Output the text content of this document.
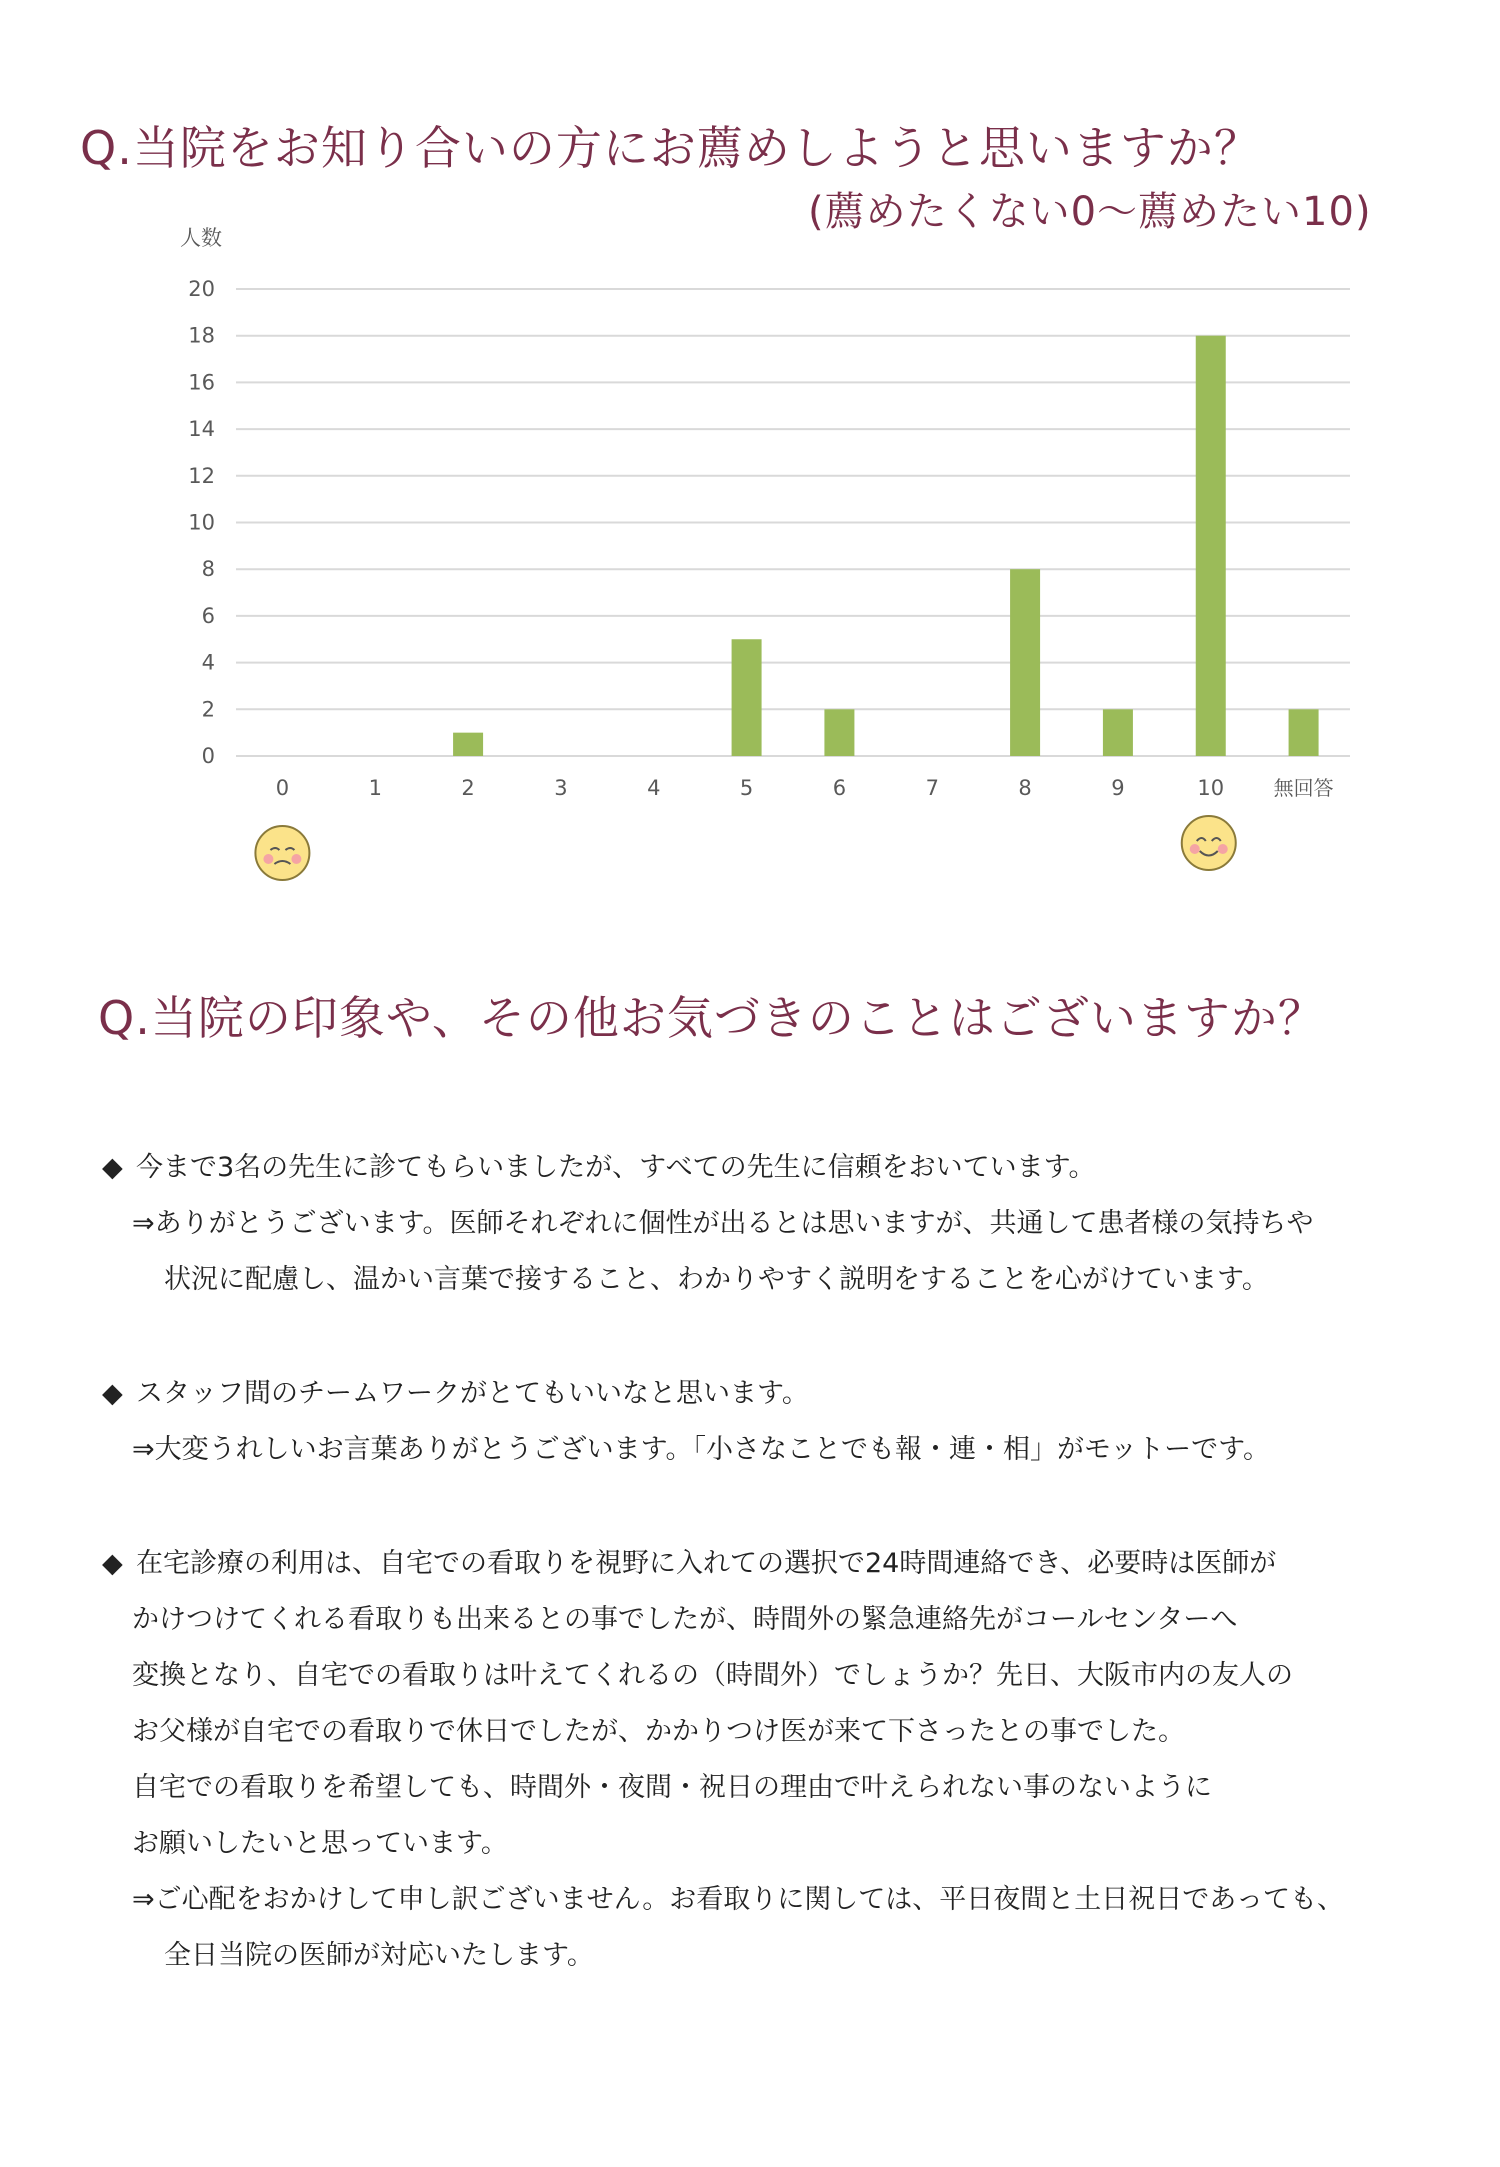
Q.当院をお知り合いの方にお薦めしようと思いますか？
(薦めたくない0～薦めたい10)
0
2
4
6
8
10
12
14
16
18
20
0	1	2	3	4	5	6	7	8	9	10 無回答
人数
Q.当院の印象や、その他お気づきのことはございますか？
◆ 今まで3名の先生に診てもらいましたが、すべての先生に信頼をおいています。
⇒ありがとうございます。医師それぞれに個性が出るとは思いますが、共通して患者様の気持ちや
状況に配慮し、温かい言葉で接すること、わかりやすく説明をすることを心がけています。
◆ スタッフ間のチームワークがとてもいいなと思います。
⇒大変うれしいお言葉ありがとうございます。「小さなことでも報・連・相」がモットーです。
◆ 在宅診療の利用は、自宅での看取りを視野に入れての選択で24時間連絡でき、必要時は医師が
かけつけてくれる看取りも出来るとの事でしたが、時間外の緊急連絡先がコールセンターへ
変換となり、自宅での看取りは叶えてくれるの（時間外）でしょうか？先日、大阪市内の友人の
お父様が自宅での看取りで休日でしたが、かかりつけ医が来て下さったとの事でした。
自宅での看取りを希望しても、時間外・夜間・祝日の理由で叶えられない事のないように
お願いしたいと思っています。
⇒ご心配をおかけして申し訳ございません。お看取りに関しては、平日夜間と土日祝日であっても、
全日当院の医師が対応いたします。
